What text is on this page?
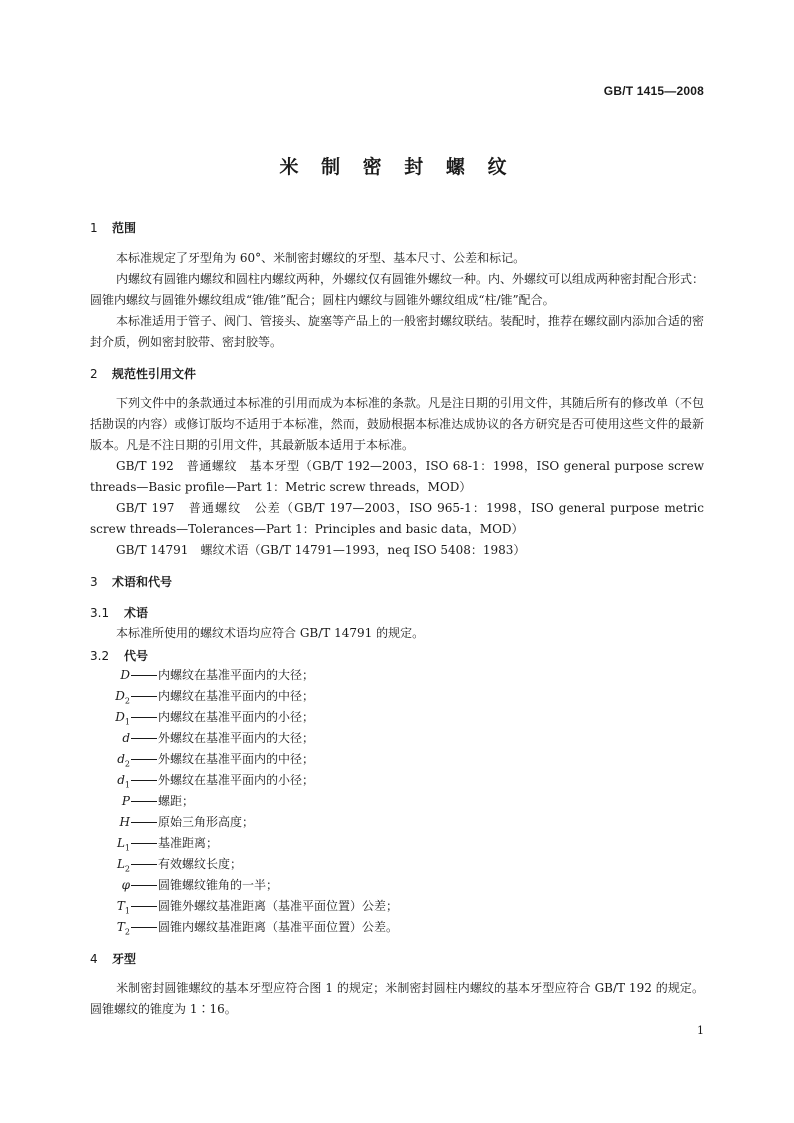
GB/T 1415—2008
米 制 密 封 螺 纹
1 范围
本标准规定了牙型角为 60°、米制密封螺纹的牙型、基本尺寸、公差和标记。
内螺纹有圆锥内螺纹和圆柱内螺纹两种，外螺纹仅有圆锥外螺纹一种。内、外螺纹可以组成两种密封配合形式：圆锥内螺纹与圆锥外螺纹组成“锥/锥”配合；圆柱内螺纹与圆锥外螺纹组成“柱/锥”配合。
本标准适用于管子、阀门、管接头、旋塞等产品上的一般密封螺纹联结。装配时，推荐在螺纹副内添加合适的密封介质，例如密封胶带、密封胶等。
2 规范性引用文件
下列文件中的条款通过本标准的引用而成为本标准的条款。凡是注日期的引用文件，其随后所有的修改单（不包括勘误的内容）或修订版均不适用于本标准，然而，鼓励根据本标准达成协议的各方研究是否可使用这些文件的最新版本。凡是不注日期的引用文件，其最新版本适用于本标准。
GB/T 192　普通螺纹　基本牙型（GB/T 192—2003，ISO 68-1：1998，ISO general purpose screw threads—Basic profile—Part 1：Metric screw threads，MOD）
GB/T 197　普通螺纹　公差（GB/T 197—2003，ISO 965-1：1998，ISO general purpose metric screw threads—Tolerances—Part 1：Principles and basic data，MOD）
GB/T 14791　螺纹术语（GB/T 14791—1993，neq ISO 5408：1983）
3 术语和代号
3.1 术语
本标准所使用的螺纹术语均应符合 GB/T 14791 的规定。
3.2 代号
D 内螺纹在基准平面内的大径；
$D_2$ 内螺纹在基准平面内的中径；
$D_1$ 内螺纹在基准平面内的小径；
d 外螺纹在基准平面内的大径；
$d_2$ 外螺纹在基准平面内的中径；
$d_1$ 外螺纹在基准平面内的小径；
P 螺距；
H 原始三角形高度；
$L_1$ 基准距离；
$L_2$ 有效螺纹长度；
φ 圆锥螺纹锥角的一半；
$T_1$ 圆锥外螺纹基准距离（基准平面位置）公差；
$T_2$ 圆锥内螺纹基准距离（基准平面位置）公差。
4 牙型
米制密封圆锥螺纹的基本牙型应符合图 1 的规定；米制密封圆柱内螺纹的基本牙型应符合 GB/T 192 的规定。圆锥螺纹的锥度为 1∶16。
1
